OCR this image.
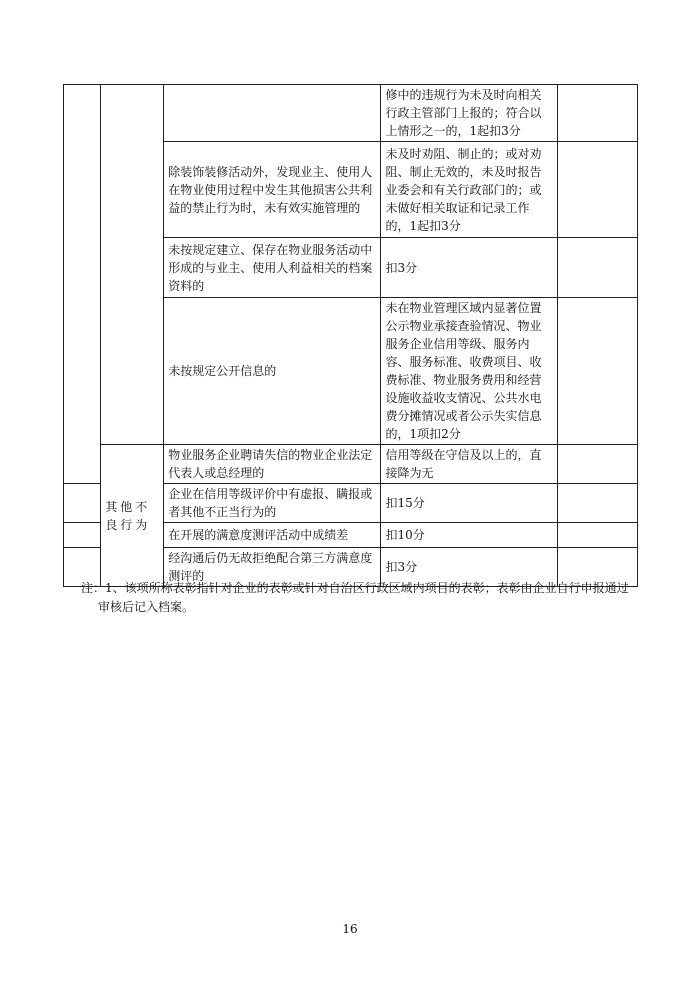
			修中的违规行为未及时向相关行政主管部门上报的；符合以上情形之一的，1起扣3分	
		除装饰装修活动外，发现业主、使用人在物业使用过程中发生其他损害公共利益的禁止行为时，未有效实施管理的	未及时劝阻、制止的；或对劝阻、制止无效的，未及时报告业委会和有关行政部门的；或未做好相关取证和记录工作的，1起扣3分	
		未按规定建立、保存在物业服务活动中形成的与业主、使用人利益相关的档案资料的	扣3分	
		未按规定公开信息的	未在物业管理区域内显著位置公示物业承接查验情况、物业服务企业信用等级、服务内容、服务标准、收费项目、收费标准、物业服务费用和经营设施收益收支情况、公共水电费分摊情况或者公示失实信息的，1项扣2分	
	其他不良行为	物业服务企业聘请失信的物业企业法定代表人或总经理的	信用等级在守信及以上的，直接降为无	
		企业在信用等级评价中有虚报、瞒报或者其他不正当行为的	扣15分	
		在开展的满意度测评活动中成绩差	扣10分	
		经沟通后仍无故拒绝配合第三方满意度测评的	扣3分	
注：1、该项所称表彰指针对企业的表彰或针对自治区行政区域内项目的表彰；表彰由企业自行申报通过审核后记入档案。
16
